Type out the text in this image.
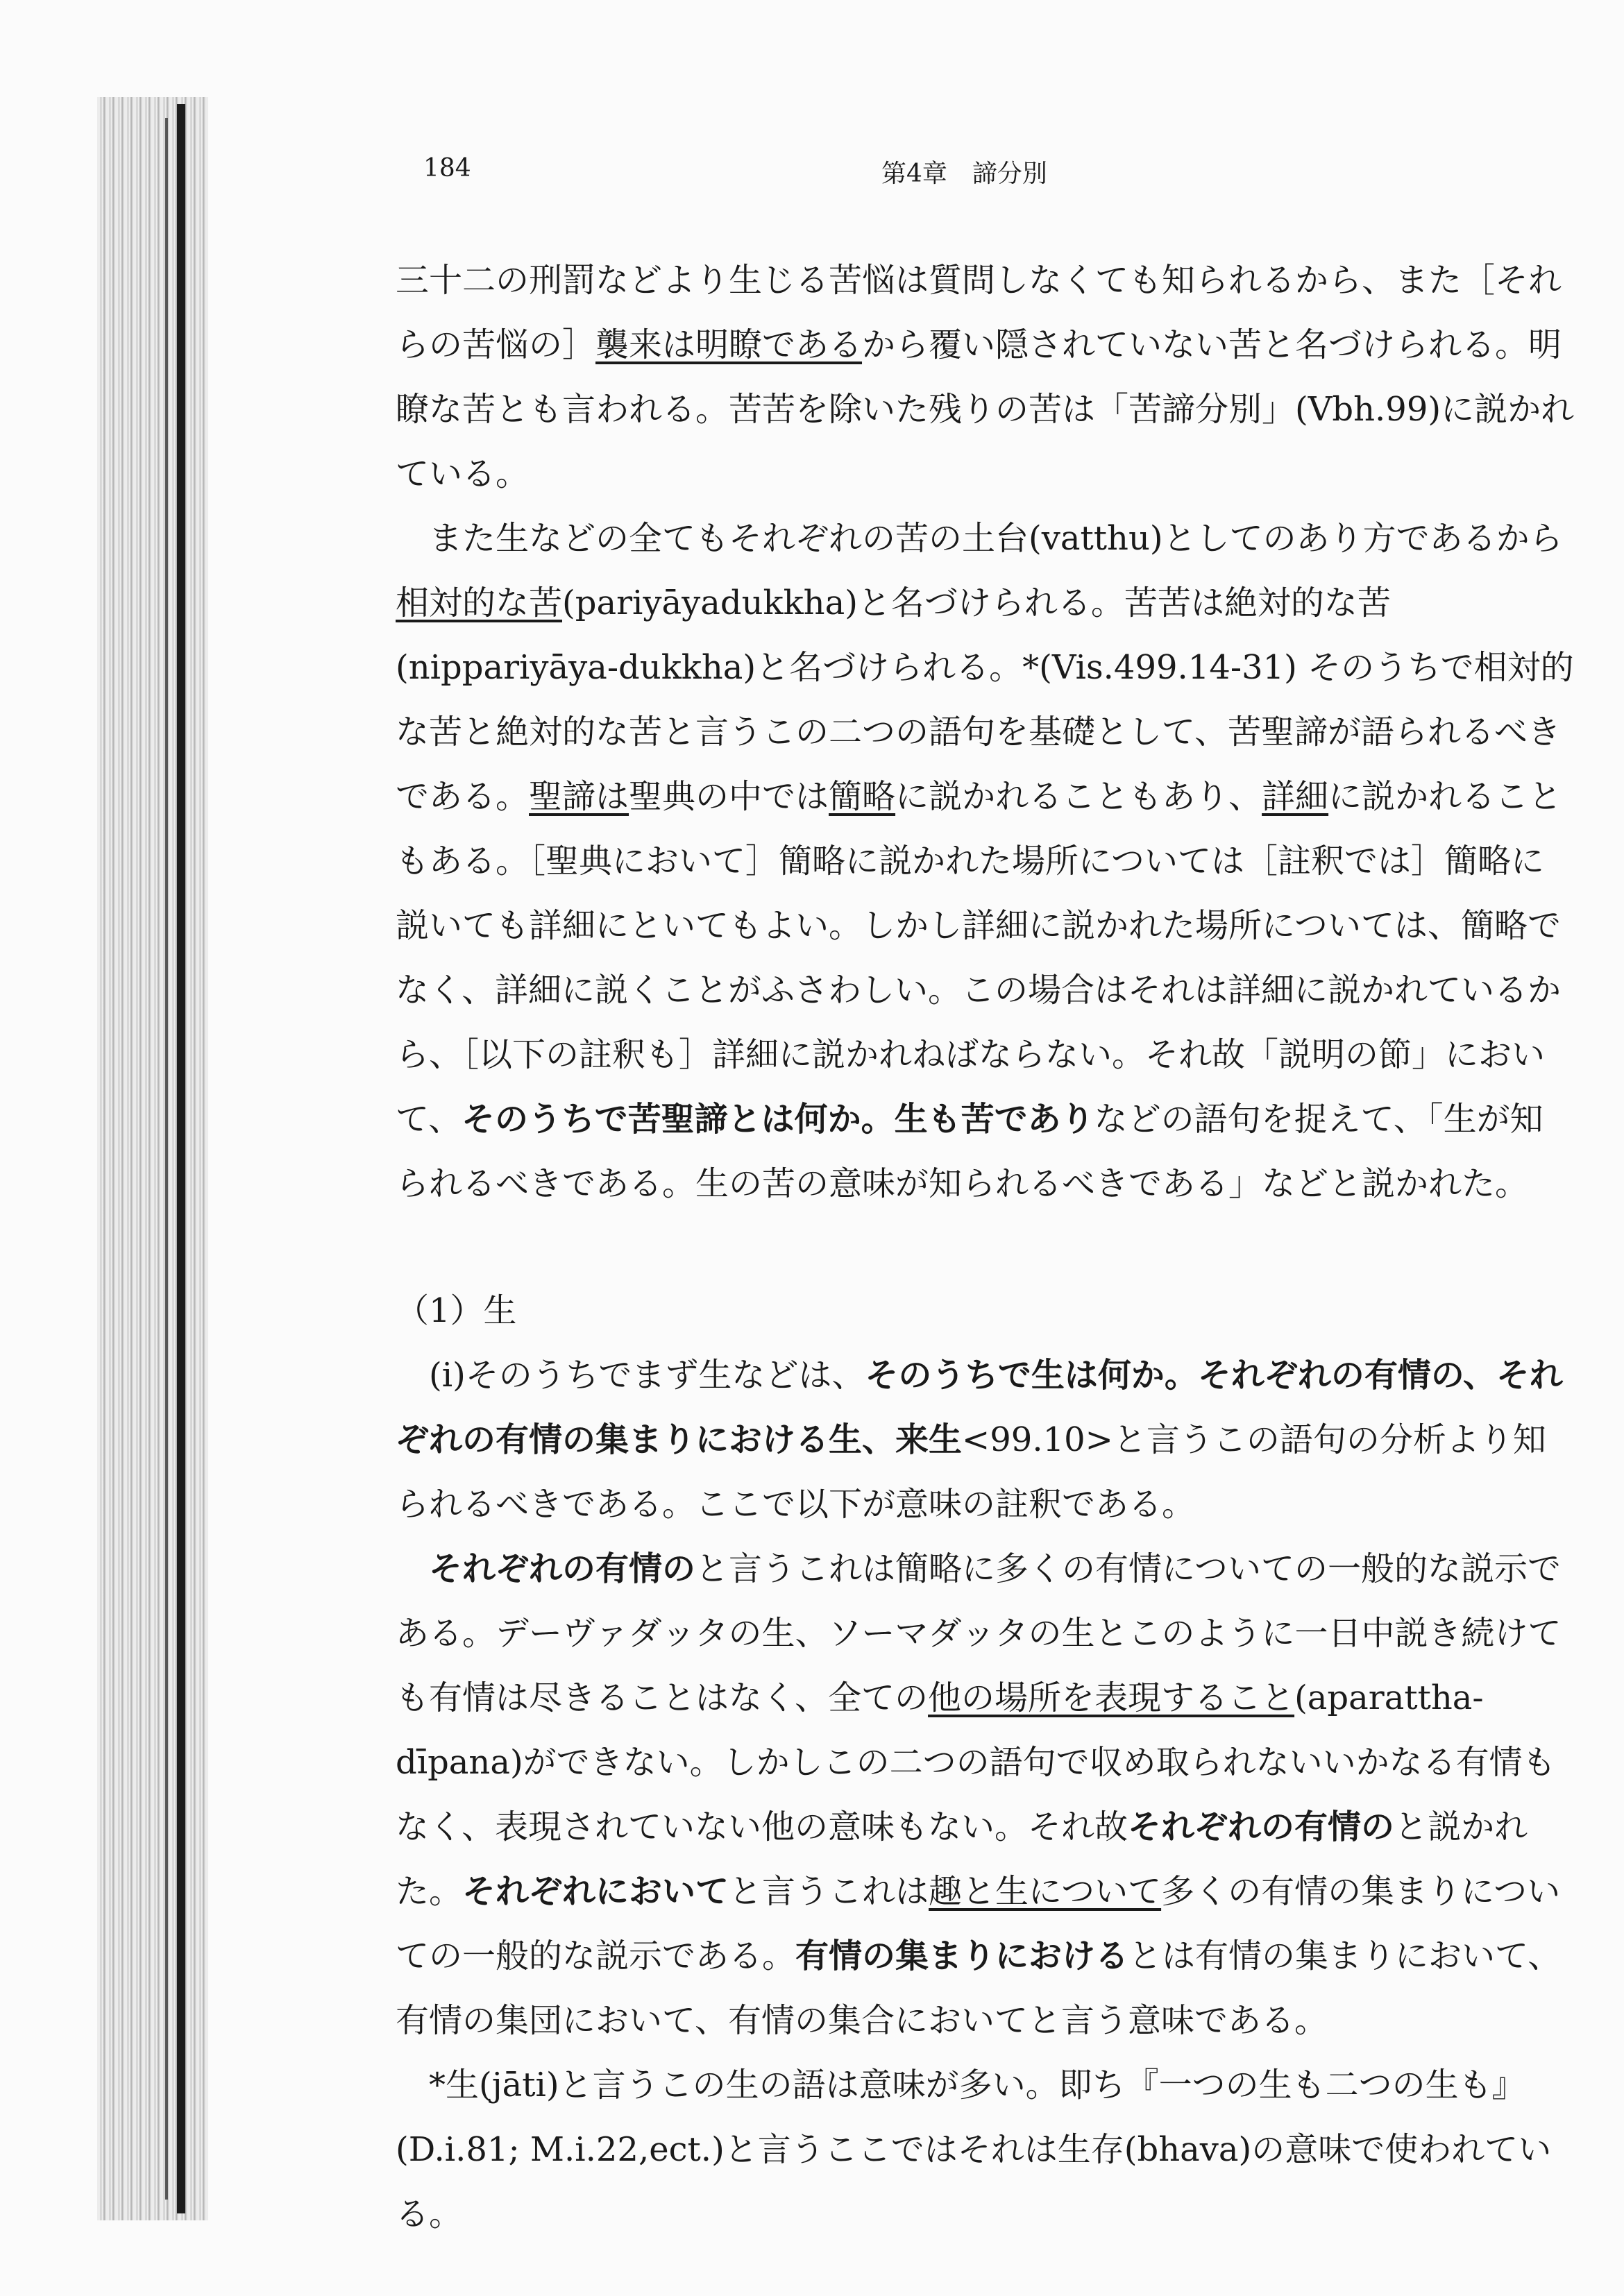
184	第4章　諦分別

三十二の刑罰などより生じる苦悩は質問しなくても知られるから、また［それらの苦悩の］襲来は明瞭であるから覆い隠されていない苦と名づけられる。明瞭な苦とも言われる。苦苦を除いた残りの苦は「苦諦分別」(Vbh.99)に説かれている。

また生などの全てもそれぞれの苦の土台(vatthu)としてのあり方であるから相対的な苦(pariyāyadukkha)と名づけられる。苦苦は絶対的な苦(nippariyāya-dukkha)と名づけられる。*(Vis.499.14-31) そのうちで相対的な苦と絶対的な苦と言うこの二つの語句を基礎として、苦聖諦が語られるべきである。聖諦は聖典の中では簡略に説かれることもあり、詳細に説かれることもある。［聖典において］簡略に説かれた場所については［註釈では］簡略に説いても詳細にといてもよい。しかし詳細に説かれた場所については、簡略でなく、詳細に説くことがふさわしい。この場合はそれは詳細に説かれているから、［以下の註釈も］詳細に説かれねばならない。それ故「説明の節」において、そのうちで苦聖諦とは何か。生も苦でありなどの語句を捉えて、「生が知られるべきである。生の苦の意味が知られるべきである」などと説かれた。

（1）生

(i)そのうちでまず生などは、そのうちで生は何か。それぞれの有情の、それぞれの有情の集まりにおける生、来生<99.10>と言うこの語句の分析より知られるべきである。ここで以下が意味の註釈である。

それぞれの有情のと言うこれは簡略に多くの有情についての一般的な説示である。デーヴァダッタの生、ソーマダッタの生とこのように一日中説き続けても有情は尽きることはなく、全ての他の場所を表現すること(aparattha-dīpana)ができない。しかしこの二つの語句で収め取られないいかなる有情もなく、表現されていない他の意味もない。それ故それぞれの有情のと説かれた。それぞれにおいてと言うこれは趣と生について多くの有情の集まりについての一般的な説示である。有情の集まりにおけるとは有情の集まりにおいて、有情の集団において、有情の集合においてと言う意味である。

*生(jāti)と言うこの生の語は意味が多い。即ち『一つの生も二つの生も』(D.i.81; M.i.22,ect.)と言うここではそれは生存(bhava)の意味で使われている。
